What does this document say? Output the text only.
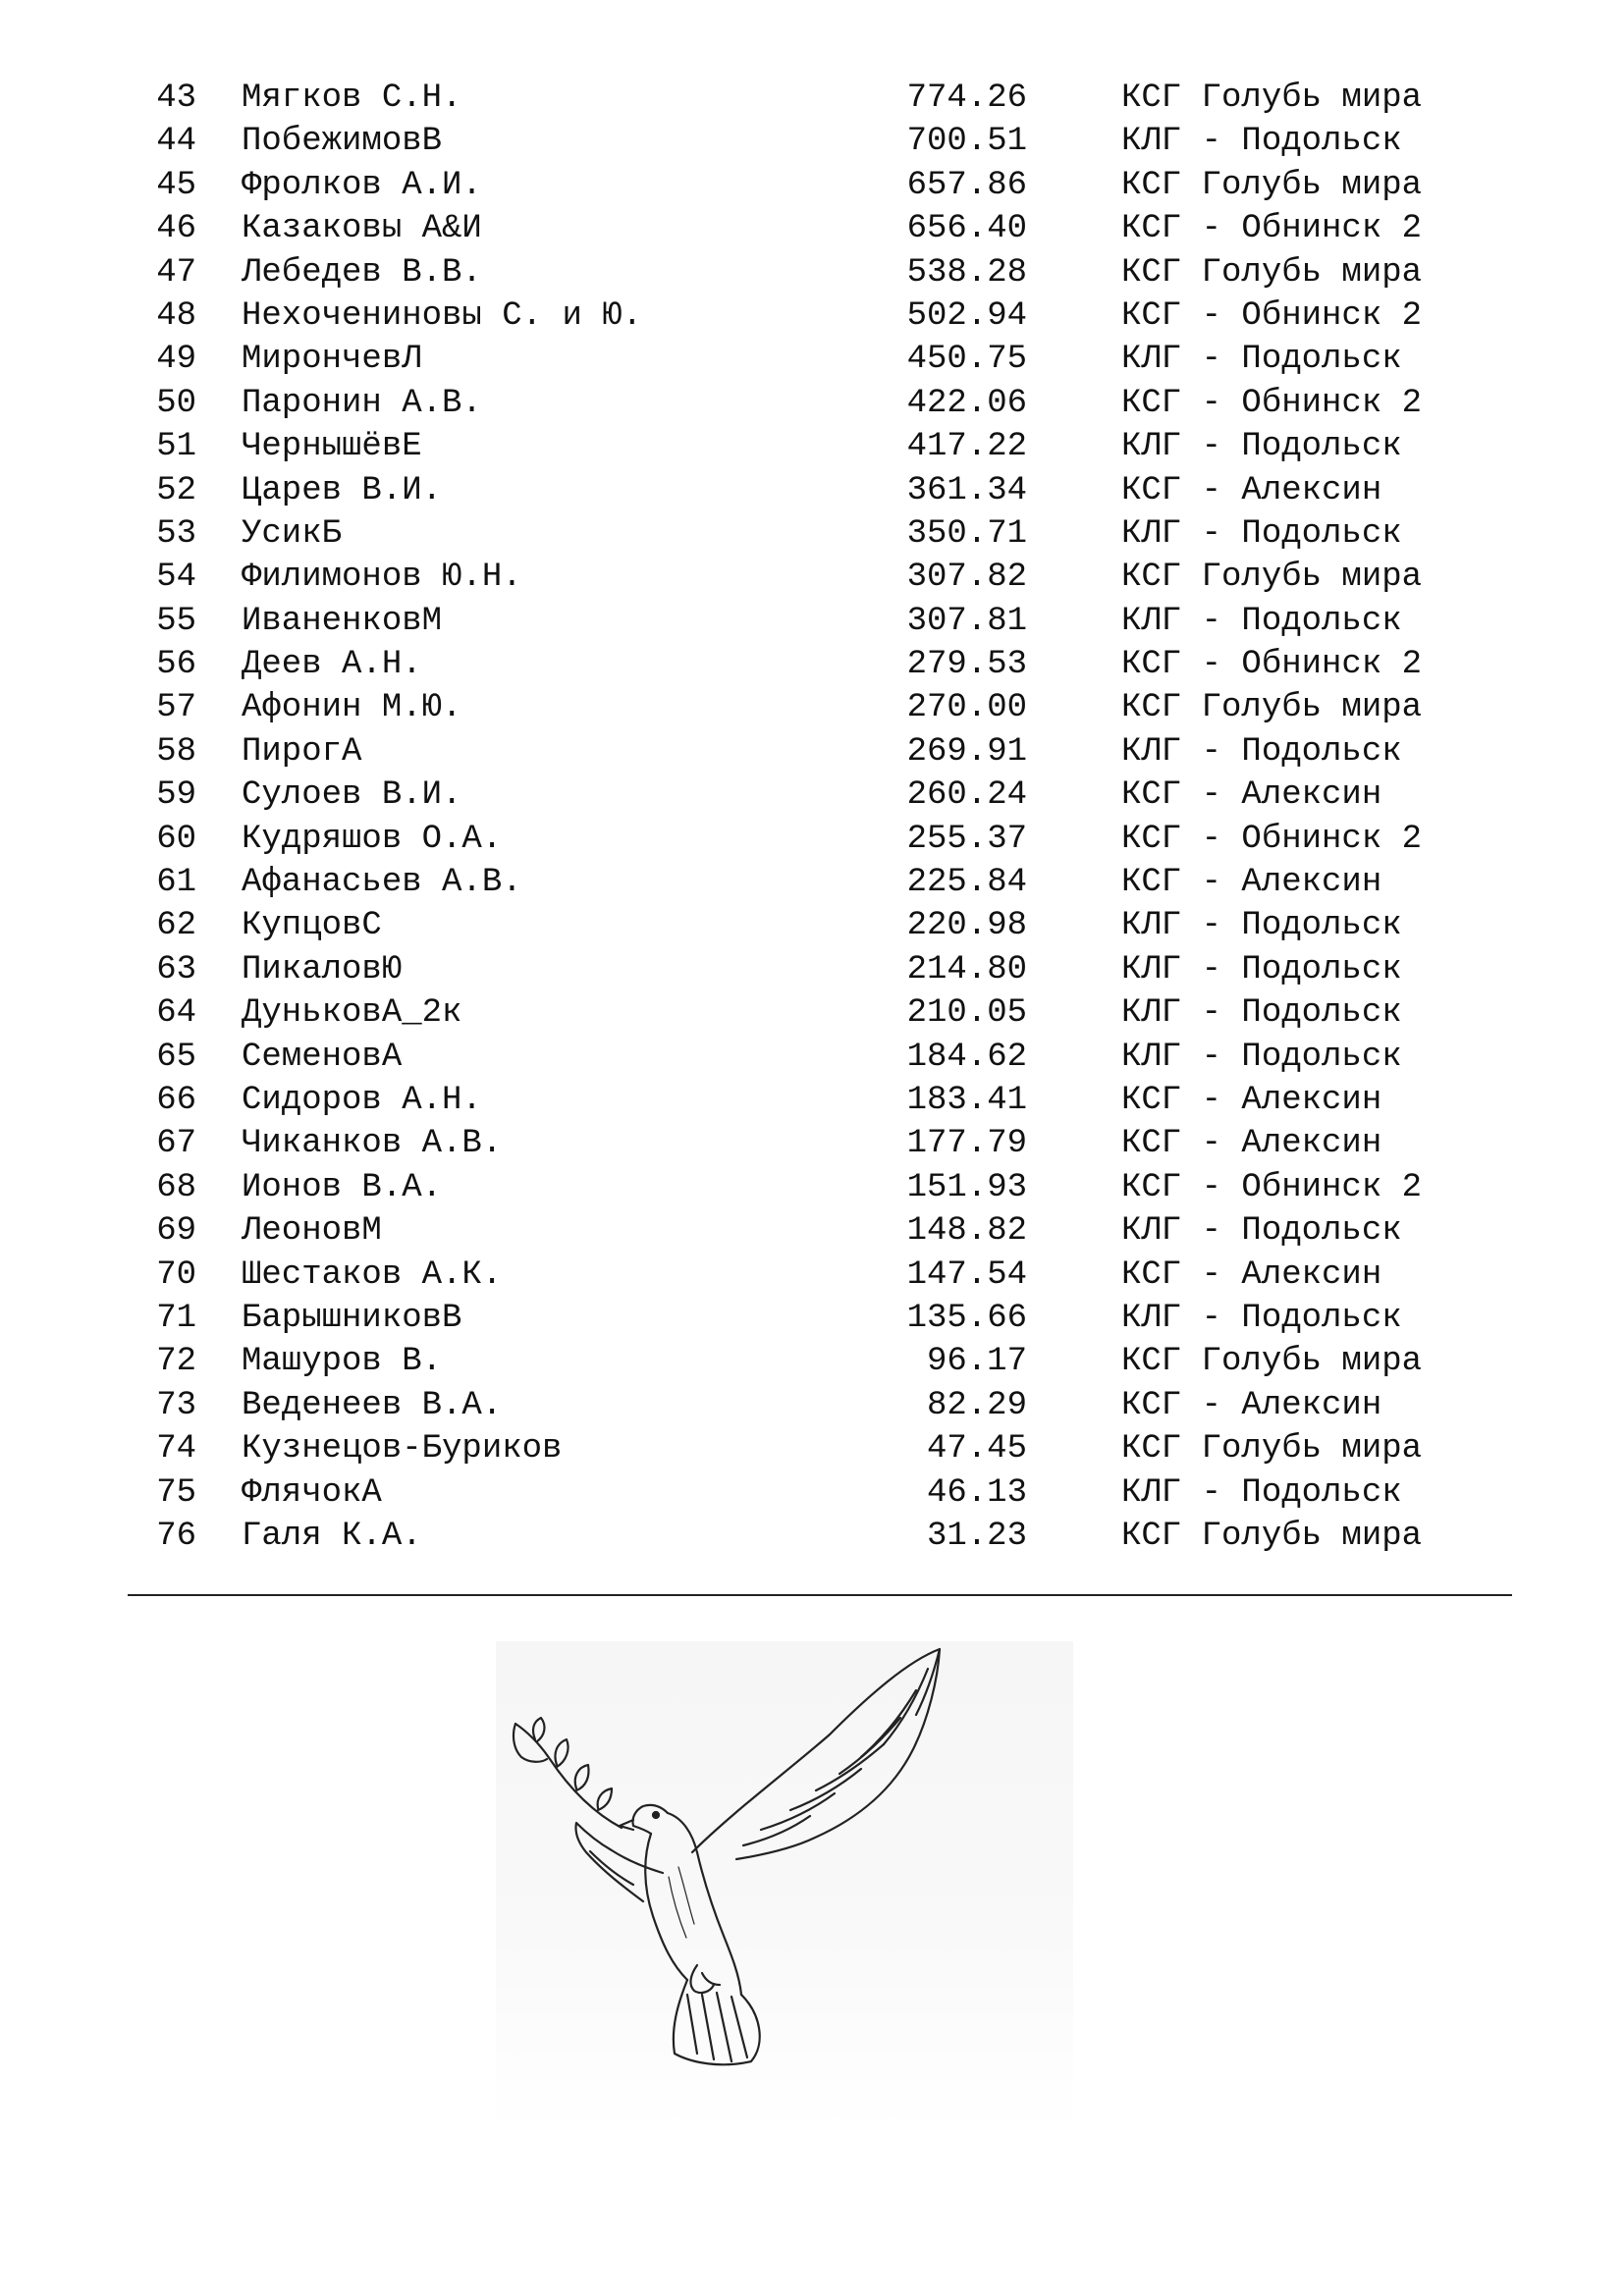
43 Мягков С.Н.	774.26	КСГ Голубь мира
44 ПобежимовВ	700.51	КЛГ - Подольск
45 Фролков А.И.	657.86	КСГ Голубь мира
46 Казаковы А&И	656.40	КСГ - Обнинск 2
47 Лебедев В.В.	538.28	КСГ Голубь мира
48 Нехочениновы С. и Ю.	502.94	КСГ - Обнинск 2
49 МирончевЛ	450.75	КЛГ - Подольск
50 Паронин А.В.	422.06	КСГ - Обнинск 2
51 ЧернышёвЕ	417.22	КЛГ - Подольск
52 Царев В.И.	361.34	КСГ - Алексин
53 УсикБ	350.71	КЛГ - Подольск
54 Филимонов Ю.Н.	307.82	КСГ Голубь мира
55 ИваненковМ	307.81	КЛГ - Подольск
56 Деев А.Н.	279.53	КСГ - Обнинск 2
57 Афонин М.Ю.	270.00	КСГ Голубь мира
58 ПирогА	269.91	КЛГ - Подольск
59 Сулоев В.И.	260.24	КСГ - Алексин
60 Кудряшов О.А.	255.37	КСГ - Обнинск 2
61 Афанасьев А.В.	225.84	КСГ - Алексин
62 КупцовС	220.98	КЛГ - Подольск
63 ПикаловЮ	214.80	КЛГ - Подольск
64 ДуньковА_2к	210.05	КЛГ - Подольск
65 СеменовА	184.62	КЛГ - Подольск
66 Сидоров А.Н.	183.41	КСГ - Алексин
67 Чиканков А.В.	177.79	КСГ - Алексин
68 Ионов В.А.	151.93	КСГ - Обнинск 2
69 ЛеоновМ	148.82	КЛГ - Подольск
70 Шестаков А.К.	147.54	КСГ - Алексин
71 БарышниковВ	135.66	КЛГ - Подольск
72 Машуров В.	96.17	КСГ Голубь мира
73 Веденеев В.А.	82.29	КСГ - Алексин
74 Кузнецов-Буриков	47.45	КСГ Голубь мира
75 ФлячокА	46.13	КЛГ - Подольск
76 Галя К.А.	31.23	КСГ Голубь мира
